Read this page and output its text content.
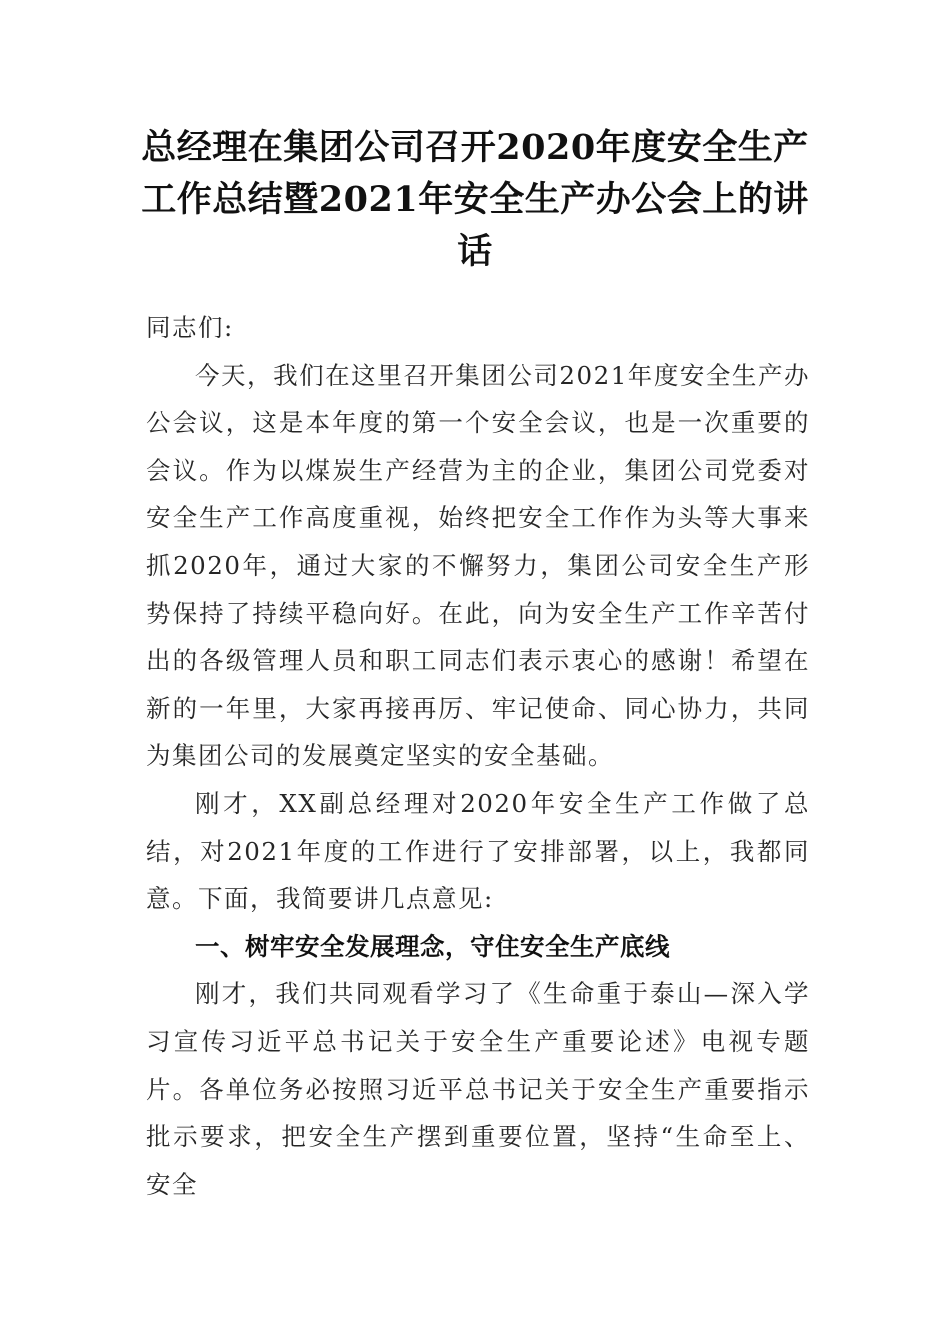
总经理在集团公司召开2020年度安全生产工作总结暨2021年安全生产办公会上的讲话

同志们:

今天，我们在这里召开集团公司2021年度安全生产办公会议，这是本年度的第一个安全会议，也是一次重要的会议。作为以煤炭生产经营为主的企业，集团公司党委对安全生产工作高度重视，始终把安全工作作为头等大事来抓2020年，通过大家的不懈努力，集团公司安全生产形势保持了持续平稳向好。在此，向为安全生产工作辛苦付出的各级管理人员和职工同志们表示衷心的感谢！希望在新的一年里，大家再接再厉、牢记使命、同心协力，共同为集团公司的发展奠定坚实的安全基础。

刚才，XX副总经理对2020年安全生产工作做了总结，对2021年度的工作进行了安排部署，以上，我都同意。下面，我简要讲几点意见:

一、树牢安全发展理念，守住安全生产底线

刚才，我们共同观看学习了《生命重于泰山—深入学习宣传习近平总书记关于安全生产重要论述》电视专题片。各单位务必按照习近平总书记关于安全生产重要指示批示要求，把安全生产摆到重要位置，坚持“生命至上、安全
